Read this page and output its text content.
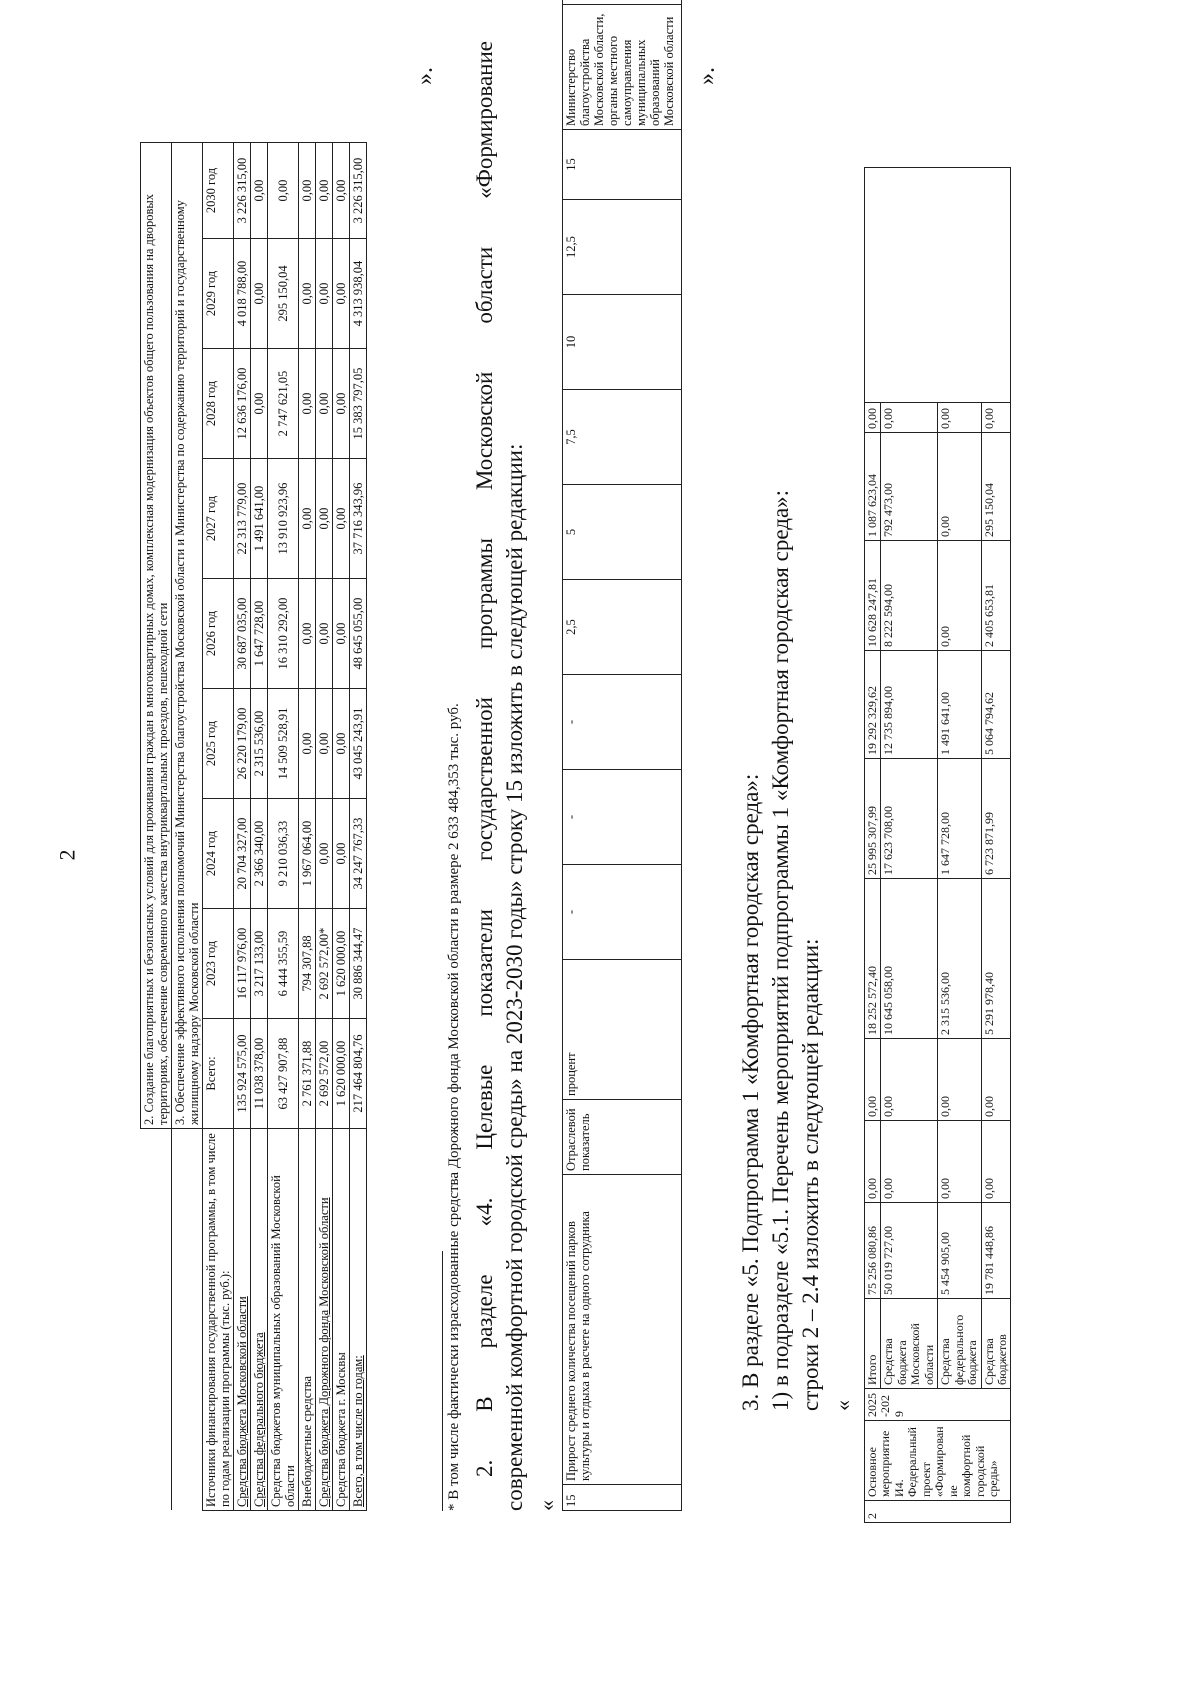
2
		2. Создание благоприятных и безопасных условий для проживания граждан в многоквартирных домах, комплексная модернизация объектов общего пользования на дворовых территориях, обеспечение современного качества внутриквартальных проездов, пешеходной сети								
	3. Обеспечение эффективного исполнения полномочий Министерства благоустройства Московской области и Министерства по содержанию территорий и государственному жилищному надзору Московской области								
Источники финансирования государственной программы, в том числе по годам реализации программы (тыс. руб.):	Всего:	2023 год	2024 год	2025 год	2026 год	2027 год	2028 год	2029 год	2030 год
Средства бюджета Московской области	135 924 575,00	16 117 976,00	20 704 327,00	26 220 179,00	30 687 035,00	22 313 779,00	12 636 176,00	4 018 788,00	3 226 315,00
Средства федерального бюджета	11 038 378,00	3 217 133,00	2 366 340,00	2 315 536,00	1 647 728,00	1 491 641,00	0,00	0,00	0,00
Средства бюджетов муниципальных образований Московской области	63 427 907,88	6 444 355,59	9 210 036,33	14 509 528,91	16 310 292,00	13 910 923,96	2 747 621,05	295 150,04	0,00
Внебюджетные средства	2 761 371,88	794 307,88	1 967 064,00	0,00	0,00	0,00	0,00	0,00	0,00
Средства бюджета Дорожного фонда Московской области	2 692 572,00	2 692 572,00*	0,00	0,00	0,00	0,00	0,00	0,00	0,00
Средства бюджета г. Москвы	1 620 000,00	1 620 000,00	0,00	0,00	0,00	0,00	0,00	0,00	0,00
Всего, в том числе по годам:	217 464 804,76	30 886 344,47	34 247 767,33	43 045 243,91	48 645 055,00	37 716 343,96	15 383 797,05	4 313 938,04	3 226 315,00
».
* В том числе фактически израсходованные средства Дорожного фонда Московской области в размере 2 633 484,353 тыс. руб. 2. В разделе «4. Целевые показатели государственной программы Московской области «Формирование современной комфортной городской среды» на 2023-2030 годы» строку 15 изложить в следующей редакции: « 15	Прирост среднего количества посещений парков культуры и отдыха в расчете на одного сотрудника	Отраслевой показатель	процент	-	-	-	2,5	5	7,5	10	12,5	15	Министерство благоустройства Московской области, органы местного самоуправления муниципальных образований Московской области	».
3. В разделе «5. Подпрограмма 1 «Комфортная городская среда»: 1) в подразделе «5.1. Перечень мероприятий подпрограммы 1 «Комфортная городская среда»: строки 2 – 2.4 изложить в следующей редакции: «
2	Основное мероприятие И4. Федеральный проект «Формирование комфортной городской среды»	2025-2029	Итого	75 256 080,86	0,00	0,00	18 252 572,40	25 995 307,99	19 292 329,62	10 628 247,81	1 087 623,04	0,00	
			Средства бюджета Московской области	50 019 727,00	0,00	0,00	10 645 058,00	17 623 708,00	12 735 894,00	8 222 594,00	792 473,00	0,00	
			Средства федерального бюджета	5 454 905,00	0,00	0,00	2 315 536,00	1 647 728,00	1 491 641,00	0,00	0,00	0,00	
			Средства бюджетов	19 781 448,86	0,00	0,00	5 291 978,40	6 723 871,99	5 064 794,62	2 405 653,81	295 150,04	0,00	
